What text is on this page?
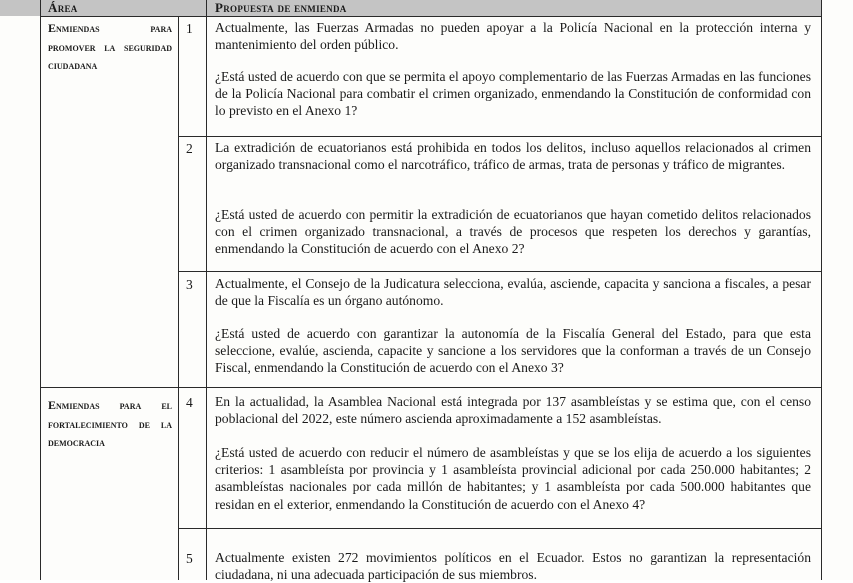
Área	Propuesta de enmienda
Enmiendas para promover la seguridad ciudadana
Enmiendas para el fortalecimiento de la democracia
1 Actualmente, las Fuerzas Armadas no pueden apoyar a la Policía Nacional en la protección interna y mantenimiento del orden público.
¿Está usted de acuerdo con que se permita el apoyo complementario de las Fuerzas Armadas en las funciones de la Policía Nacional para combatir el crimen organizado, enmendando la Constitución de conformidad con lo previsto en el Anexo 1?
2 La extradición de ecuatorianos está prohibida en todos los delitos, incluso aquellos relacionados al crimen organizado transnacional como el narcotráfico, tráfico de armas, trata de personas y tráfico de migrantes.
¿Está usted de acuerdo con permitir la extradición de ecuatorianos que hayan cometido delitos relacionados con el crimen organizado transnacional, a través de procesos que respeten los derechos y garantías, enmendando la Constitución de acuerdo con el Anexo 2?
3 Actualmente, el Consejo de la Judicatura selecciona, evalúa, asciende, capacita y sanciona a fiscales, a pesar de que la Fiscalía es un órgano autónomo.
¿Está usted de acuerdo con garantizar la autonomía de la Fiscalía General del Estado, para que esta seleccione, evalúe, ascienda, capacite y sancione a los servidores que la conforman a través de un Consejo Fiscal, enmendando la Constitución de acuerdo con el Anexo 3?
4 En la actualidad, la Asamblea Nacional está integrada por 137 asambleístas y se estima que, con el censo poblacional del 2022, este número ascienda aproximadamente a 152 asambleístas.
¿Está usted de acuerdo con reducir el número de asambleístas y que se los elija de acuerdo a los siguientes criterios: 1 asambleísta por provincia y 1 asambleísta provincial adicional por cada 250.000 habitantes; 2 asambleístas nacionales por cada millón de habitantes; y 1 asambleísta por cada 500.000 habitantes que residan en el exterior, enmendando la Constitución de acuerdo con el Anexo 4?
5 Actualmente existen 272 movimientos políticos en el Ecuador. Estos no garantizan la representación ciudadana, ni una adecuada participación de sus miembros.
